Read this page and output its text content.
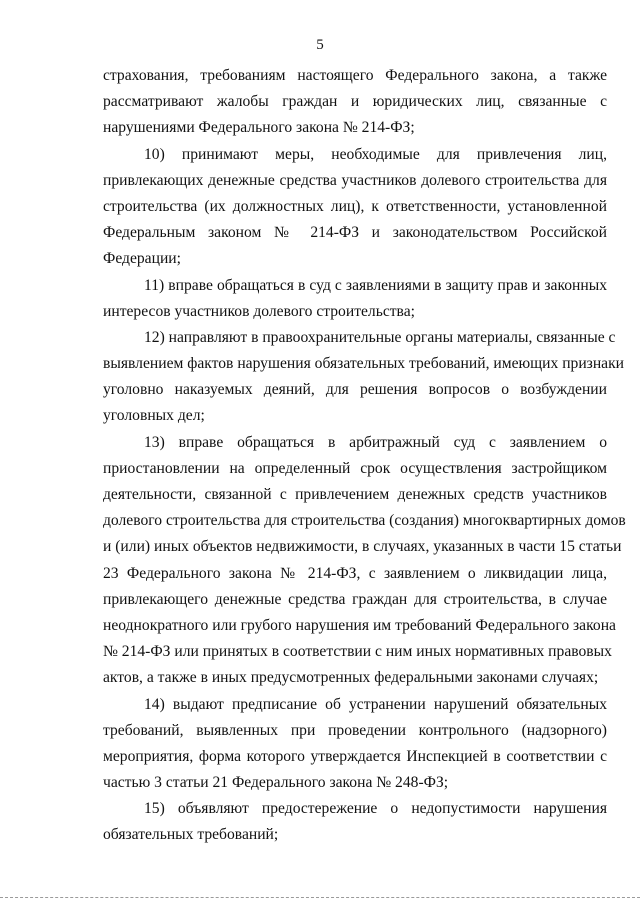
5
страхования, требованиям настоящего Федерального закона, а также
рассматривают жалобы граждан и юридических лиц, связанные с
нарушениями Федерального закона № 214-ФЗ;
10) принимают меры, необходимые для привлечения лиц,
привлекающих денежные средства участников долевого строительства для
строительства (их должностных лиц), к ответственности, установленной
Федеральным законом № 214-ФЗ и законодательством Российской
Федерации;
11) вправе обращаться в суд с заявлениями в защиту прав и законных
интересов участников долевого строительства;
12) направляют в правоохранительные органы материалы, связанные с
выявлением фактов нарушения обязательных требований, имеющих признаки
уголовно наказуемых деяний, для решения вопросов о возбуждении
уголовных дел;
13) вправе обращаться в арбитражный суд с заявлением о
приостановлении на определенный срок осуществления застройщиком
деятельности, связанной с привлечением денежных средств участников
долевого строительства для строительства (создания) многоквартирных домов
и (или) иных объектов недвижимости, в случаях, указанных в части 15 статьи
23 Федерального закона № 214-ФЗ, с заявлением о ликвидации лица,
привлекающего денежные средства граждан для строительства, в случае
неоднократного или грубого нарушения им требований Федерального закона
№ 214-ФЗ или принятых в соответствии с ним иных нормативных правовых
актов, а также в иных предусмотренных федеральными законами случаях;
14) выдают предписание об устранении нарушений обязательных
требований, выявленных при проведении контрольного (надзорного)
мероприятия, форма которого утверждается Инспекцией в соответствии с
частью 3 статьи 21 Федерального закона № 248-ФЗ;
15) объявляют предостережение о недопустимости нарушения
обязательных требований;
